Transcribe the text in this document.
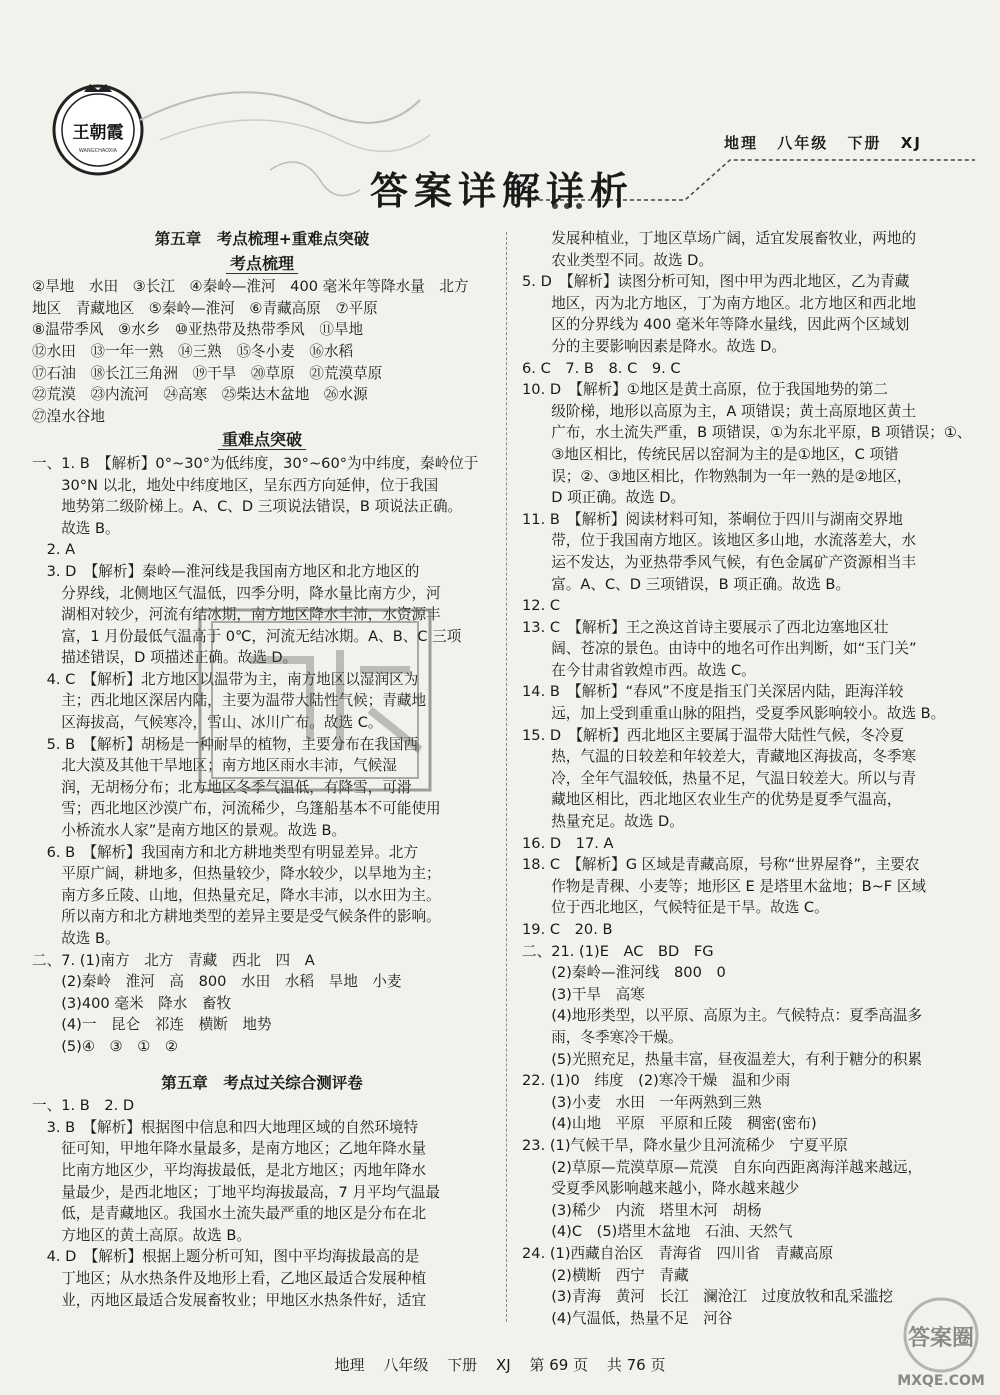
王朝霞
WANGCHAOXIA	地理 八年级 下册 XJ
答案详解详析
第五章　考点梳理+重难点突破
考点梳理
②旱地　水田　③长江　④秦岭—淮河　400 毫米年等降水量　北方
地区　青藏地区　⑤秦岭—淮河　⑥青藏高原　⑦平原
⑧温带季风　⑨水乡　⑩亚热带及热带季风　⑪旱地
⑫水田　⑬一年一熟　⑭三熟　⑮冬小麦　⑯水稻
⑰石油　⑱长江三角洲　⑲干旱　⑳草原　㉑荒漠草原
㉒荒漠　㉓内流河　㉔高寒　㉕柴达木盆地　㉖水源
㉗湟水谷地
重难点突破
一、1. B　【解析】0°~30°为低纬度，30°~60°为中纬度，秦岭位于
　　30°N 以北，地处中纬度地区，呈东西方向延伸，位于我国
　　地势第二级阶梯上。A、C、D 三项说法错误，B 项说法正确。
　　故选 B。
　2. A
　3. D　【解析】秦岭—淮河线是我国南方地区和北方地区的
　　分界线，北侧地区气温低，四季分明，降水量比南方少，河
　　湖相对较少，河流有结冰期，南方地区降水丰沛，水资源丰
　　富，1 月份最低气温高于 0℃，河流无结冰期。A、B、C 三项
　　描述错误，D 项描述正确。故选 D。
　4. C　【解析】北方地区以温带为主，南方地区以湿润区为
　　主；西北地区深居内陆，主要为温带大陆性气候；青藏地
　　区海拔高，气候寒冷，雪山、冰川广布。故选 C。
　5. B　【解析】胡杨是一种耐旱的植物，主要分布在我国西
　　北大漠及其他干旱地区；南方地区雨水丰沛，气候湿
　　润，无胡杨分布；北方地区冬季气温低，有降雪，可滑
　　雪；西北地区沙漠广布，河流稀少，乌篷船基本不可能使用
　　小桥流水人家”是南方地区的景观。故选 B。
　6. B　【解析】我国南方和北方耕地类型有明显差异。北方
　　平原广阔，耕地多，但热量较少，降水较少，以旱地为主；
　　南方多丘陵、山地，但热量充足，降水丰沛，以水田为主。
　　所以南方和北方耕地类型的差异主要是受气候条件的影响。
　　故选 B。
二、7. (1)南方　北方　青藏　西北　四　A
　　(2)秦岭　淮河　高　800　水田　水稻　旱地　小麦
　　(3)400 毫米　降水　畜牧
　　(4)一　昆仑　祁连　横断　地势
　　(5)④　③　①　②
第五章　考点过关综合测评卷
一、1. B　2. D
　3. B　【解析】根据图中信息和四大地理区域的自然环境特
　　征可知，甲地年降水量最多，是南方地区；乙地年降水量
　　比南方地区少，平均海拔最低，是北方地区；丙地年降水
　　量最少，是西北地区；丁地平均海拔最高，7 月平均气温最
　　低，是青藏地区。我国水土流失最严重的地区是分布在北
　　方地区的黄土高原。故选 B。
　4. D　【解析】根据上题分析可知，图中平均海拔最高的是
　　丁地区；从水热条件及地形上看，乙地区最适合发展种植
　　业，丙地区最适合发展畜牧业；甲地区水热条件好，适宜
　　发展种植业，丁地区草场广阔，适宜发展畜牧业，两地的
　　农业类型不同。故选 D。
5. D　【解析】读图分析可知，图中甲为西北地区，乙为青藏
　　地区，丙为北方地区，丁为南方地区。北方地区和西北地
　　区的分界线为 400 毫米年等降水量线，因此两个区域划
　　分的主要影响因素是降水。故选 D。
6. C　7. B　8. C　9. C
10. D　【解析】①地区是黄土高原，位于我国地势的第二
　　级阶梯，地形以高原为主，A 项错误；黄土高原地区黄土
　　广布，水土流失严重，B 项错误，①为东北平原，B 项错误；①、
　　③地区相比，传统民居以窑洞为主的是①地区，C 项错
　　误；②、③地区相比，作物熟制为一年一熟的是②地区，
　　D 项正确。故选 D。
11. B　【解析】阅读材料可知，茶峒位于四川与湖南交界地
　　带，位于我国南方地区。该地区多山地，水流落差大，水
　　运不发达，为亚热带季风气候，有色金属矿产资源相当丰
　　富。A、C、D 三项错误，B 项正确。故选 B。
12. C
13. C　【解析】王之涣这首诗主要展示了西北边塞地区壮
　　阔、苍凉的景色。由诗中的地名可作出判断，如“玉门关”
　　在今甘肃省敦煌市西。故选 C。
14. B　【解析】“春风”不度是指玉门关深居内陆，距海洋较
　　远，加上受到重重山脉的阻挡，受夏季风影响较小。故选 B。
15. D　【解析】西北地区主要属于温带大陆性气候，冬冷夏
　　热，气温的日较差和年较差大，青藏地区海拔高，冬季寒
　　冷，全年气温较低，热量不足，气温日较差大。所以与青
　　藏地区相比，西北地区农业生产的优势是夏季气温高，
　　热量充足。故选 D。
16. D　17. A
18. C　【解析】G 区域是青藏高原，号称“世界屋脊”，主要农
　　作物是青稞、小麦等；地形区 E 是塔里木盆地；B~F 区域
　　位于西北地区，气候特征是干旱。故选 C。
19. C　20. B
二、21. (1)E　AC　BD　FG
　　(2)秦岭—淮河线　800　0
　　(3)干旱　高寒
　　(4)地形类型，以平原、高原为主。气候特点：夏季高温多
　　雨，冬季寒冷干燥。
　　(5)光照充足，热量丰富，昼夜温差大，有利于糖分的积累
22. (1)0　纬度　(2)寒冷干燥　温和少雨
　　(3)小麦　水田　一年两熟到三熟
　　(4)山地　平原　平原和丘陵　稠密(密布)
23. (1)气候干旱，降水量少且河流稀少　宁夏平原
　　(2)草原—荒漠草原—荒漠　自东向西距离海洋越来越远，
　　受夏季风影响越来越小，降水越来越少
　　(3)稀少　内流　塔里木河　胡杨
　　(4)C　(5)塔里木盆地　石油、天然气
24. (1)西藏自治区　青海省　四川省　青藏高原
　　(2)横断　西宁　青藏
　　(3)青海　黄河　长江　澜沧江　过度放牧和乱采滥挖
　　(4)气温低，热量不足　河谷
地理 八年级 下册 XJ 第 69 页 共 76 页
答案圈
MXQE.COM
